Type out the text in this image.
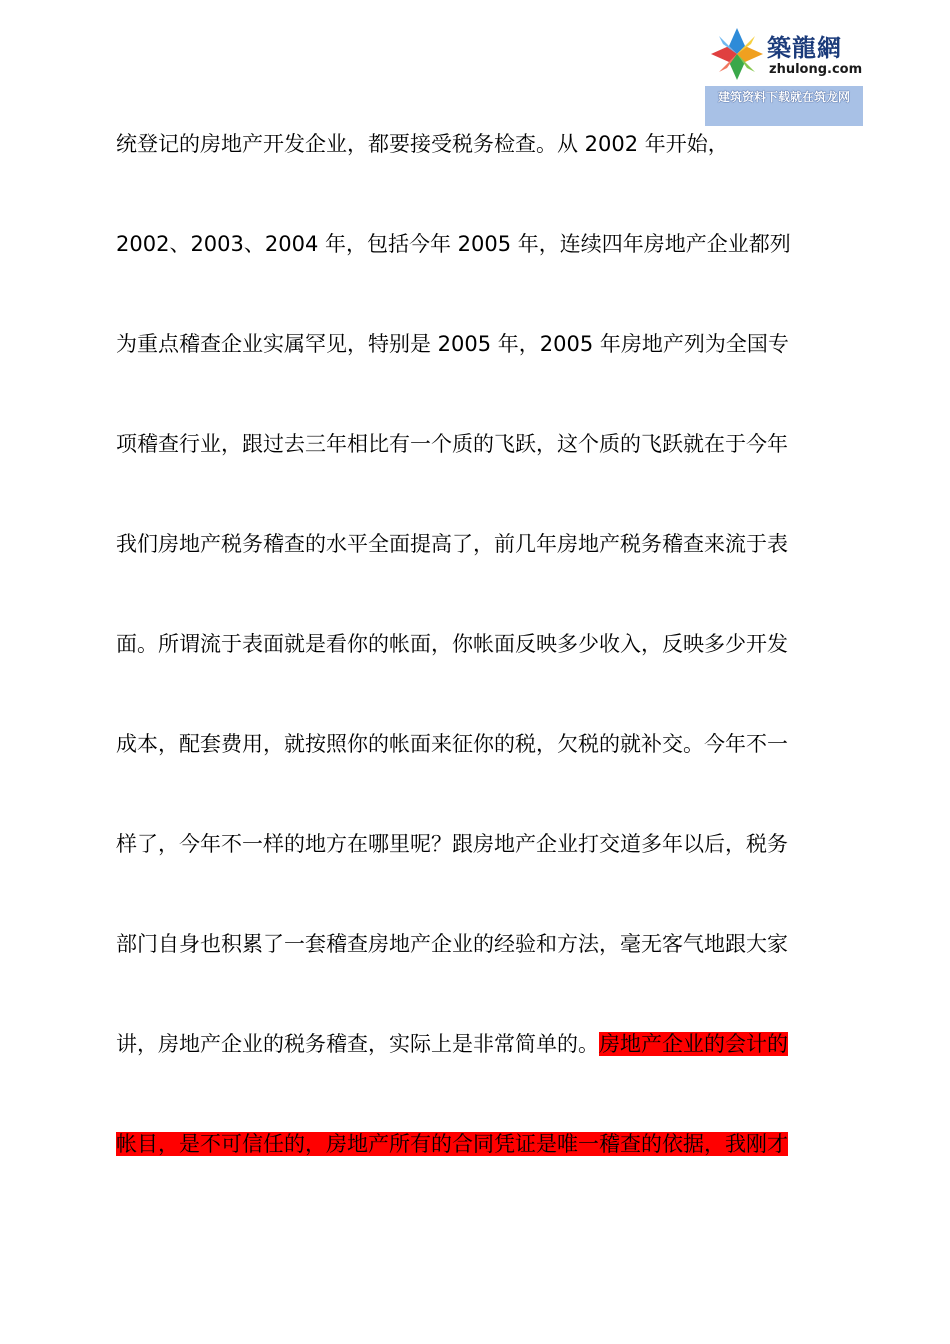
築龍網
zhulong.com
建筑资料下载就在筑龙网
统登记的房地产开发企业，都要接受税务检查。从 2002 年开始，
2002、2003、2004 年，包括今年 2005 年，连续四年房地产企业都列
为重点稽查企业实属罕见，特别是 2005 年，2005 年房地产列为全国专
项稽查行业，跟过去三年相比有一个质的飞跃，这个质的飞跃就在于今年
我们房地产税务稽查的水平全面提高了，前几年房地产税务稽查来流于表
面。所谓流于表面就是看你的帐面，你帐面反映多少收入，反映多少开发
成本，配套费用，就按照你的帐面来征你的税，欠税的就补交。今年不一
样了，今年不一样的地方在哪里呢？跟房地产企业打交道多年以后，税务
部门自身也积累了一套稽查房地产企业的经验和方法，毫无客气地跟大家
讲，房地产企业的税务稽查，实际上是非常简单的。房地产企业的会计的
帐目，是不可信任的，房地产所有的合同凭证是唯一稽查的依据，我刚才
